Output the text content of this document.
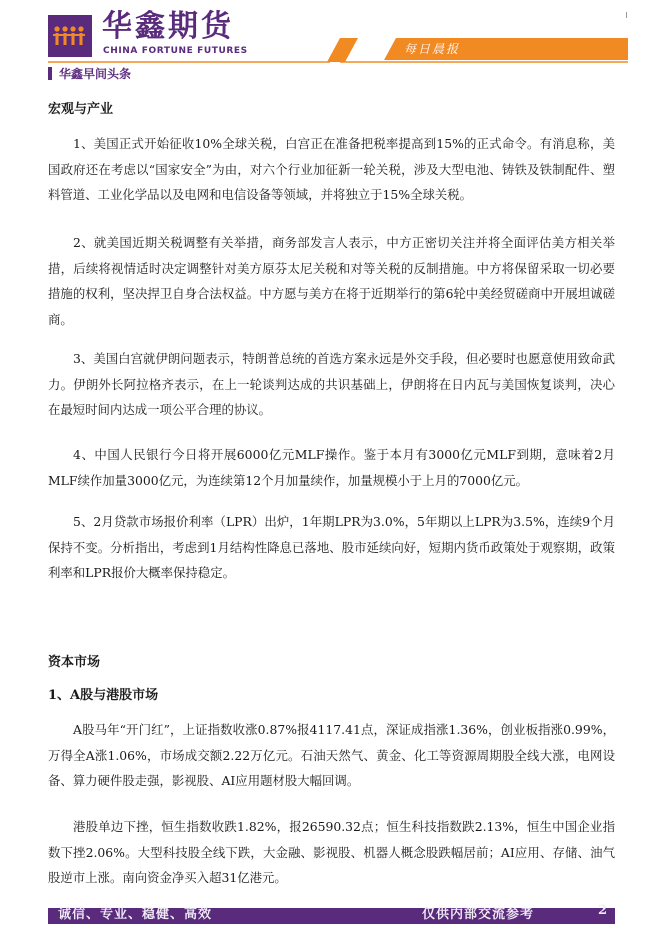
华鑫期货
CHINA FORTUNE FUTURES	每日晨报
华鑫早间头条
宏观与产业

1、美国正式开始征收10%全球关税，白宫正在准备把税率提高到15%的正式命令。有消息称，美国政府还在考虑以“国家安全”为由，对六个行业加征新一轮关税，涉及大型电池、铸铁及铁制配件、塑料管道、工业化学品以及电网和电信设备等领域，并将独立于15%全球关税。

2、就美国近期关税调整有关举措，商务部发言人表示，中方正密切关注并将全面评估美方相关举措，后续将视情适时决定调整针对美方原芬太尼关税和对等关税的反制措施。中方将保留采取一切必要措施的权利，坚决捍卫自身合法权益。中方愿与美方在将于近期举行的第6轮中美经贸磋商中开展坦诚磋商。

3、美国白宫就伊朗问题表示，特朗普总统的首选方案永远是外交手段，但必要时也愿意使用致命武力。伊朗外长阿拉格齐表示，在上一轮谈判达成的共识基础上，伊朗将在日内瓦与美国恢复谈判，决心在最短时间内达成一项公平合理的协议。

4、中国人民银行今日将开展6000亿元MLF操作。鉴于本月有3000亿元MLF到期，意味着2月MLF续作加量3000亿元，为连续第12个月加量续作，加量规模小于上月的7000亿元。

5、2月贷款市场报价利率（LPR）出炉，1年期LPR为3.0%，5年期以上LPR为3.5%，连续9个月保持不变。分析指出，考虑到1月结构性降息已落地、股市延续向好，短期内货币政策处于观察期，政策利率和LPR报价大概率保持稳定。

资本市场
1、A股与港股市场

A股马年“开门红”，上证指数收涨0.87%报4117.41点，深证成指涨1.36%，创业板指涨0.99%，万得全A涨1.06%，市场成交额2.22万亿元。石油天然气、黄金、化工等资源周期股全线大涨，电网设备、算力硬件股走强，影视股、AI应用题材股大幅回调。

港股单边下挫，恒生指数收跌1.82%，报26590.32点；恒生科技指数跌2.13%，恒生中国企业指数下挫2.06%。大型科技股全线下跌，大金融、影视股、机器人概念股跌幅居前；AI应用、存储、油气股逆市上涨。南向资金净买入超31亿港元。

诚信、专业、稳健、高效	仅供内部交流参考	2
